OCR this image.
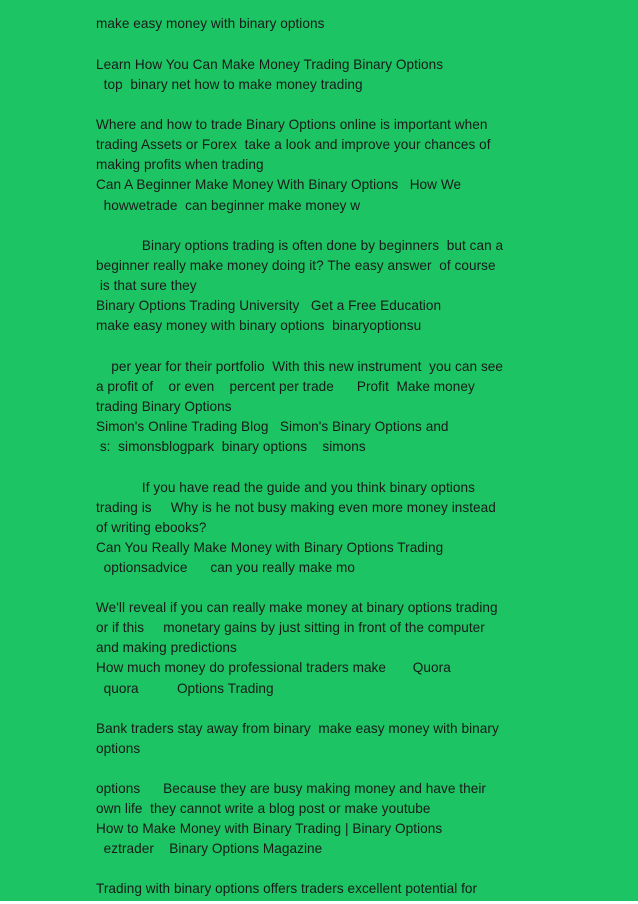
make easy money with binary options
Learn How You Can Make Money Trading Binary Options
top  binary net how to make money trading
Where and how to trade Binary Options online is important when
trading Assets or Forex  take a look and improve your chances of
making profits when trading
Can A Beginner Make Money With Binary Options   How We
howwetrade  can beginner make money w
Binary options trading is often done by beginners  but can a
beginner really make money doing it? The easy answer  of course
is that sure they
Binary Options Trading University   Get a Free Education
make easy money with binary options  binaryoptionsu
per year for their portfolio  With this new instrument  you can see
a profit of    or even    percent per trade      Profit  Make money
trading Binary Options
Simon's Online Trading Blog   Simon's Binary Options and
s:  simonsblogpark  binary options    simons
If you have read the guide and you think binary options
trading is     Why is he not busy making even more money instead
of writing ebooks?
Can You Really Make Money with Binary Options Trading
optionsadvice      can you really make mo
We'll reveal if you can really make money at binary options trading
or if this     monetary gains by just sitting in front of the computer
and making predictions
How much money do professional traders make       Quora
quora          Options Trading
Bank traders stay away from binary  make easy money with binary
options
options      Because they are busy making money and have their
own life  they cannot write a blog post or make youtube
How to Make Money with Binary Trading | Binary Options
eztrader    Binary Options Magazine
Trading with binary options offers traders excellent potential for
